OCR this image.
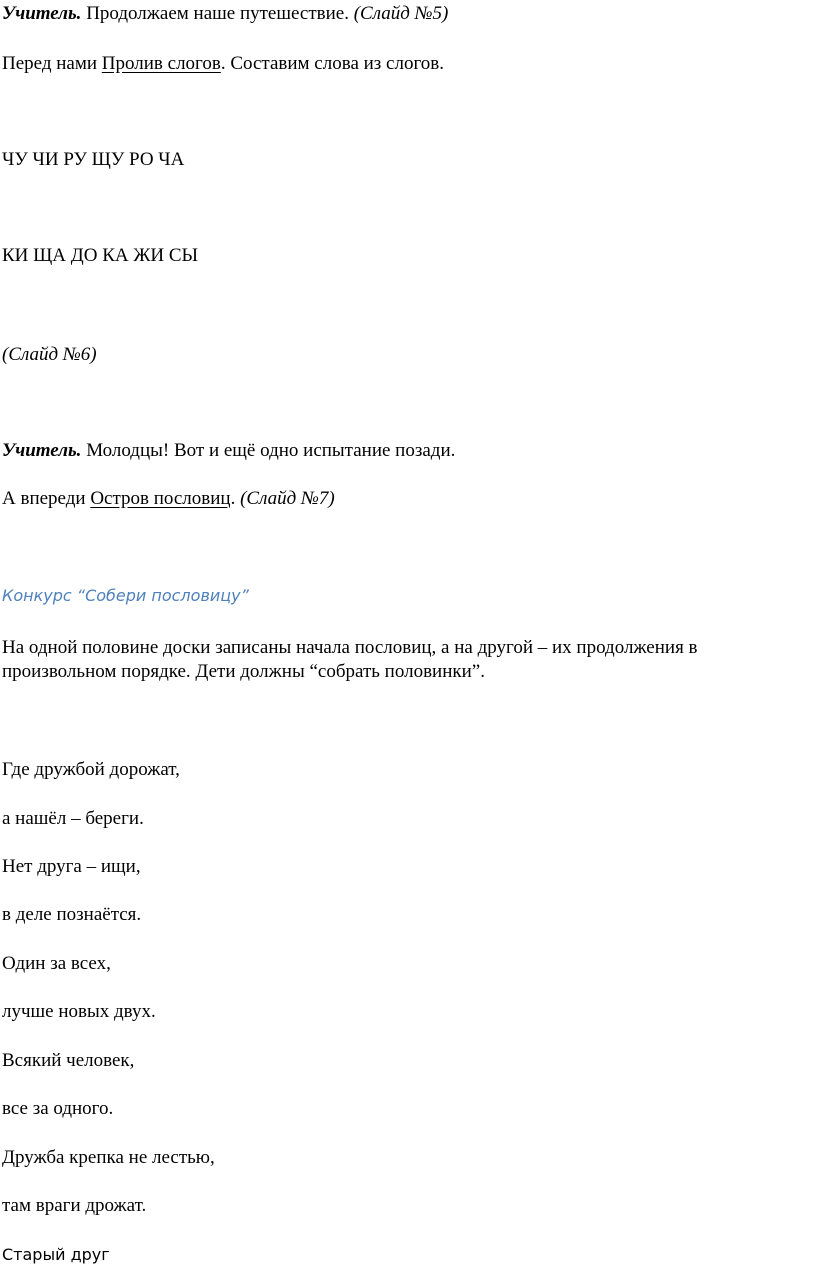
Учитель. Продолжаем наше путешествие. (Слайд №5)
Перед нами Пролив слогов. Составим слова из слогов.
ЧУ ЧИ РУ ЩУ РО ЧА
КИ ЩА ДО КА ЖИ СЫ
(Слайд №6)
Учитель. Молодцы! Вот и ещё одно испытание позади.
А впереди Остров пословиц. (Слайд №7)
Конкурс “Собери пословицу”
На одной половине доски записаны начала пословиц, а на другой – их продолжения в произвольном порядке. Дети должны “собрать половинки”.
Где дружбой дорожат,
а нашёл – береги.
Нет друга – ищи,
в деле познаётся.
Один за всех,
лучше новых двух.
Всякий человек,
все за одного.
Дружба крепка не лестью,
там враги дрожат.
Старый друг
